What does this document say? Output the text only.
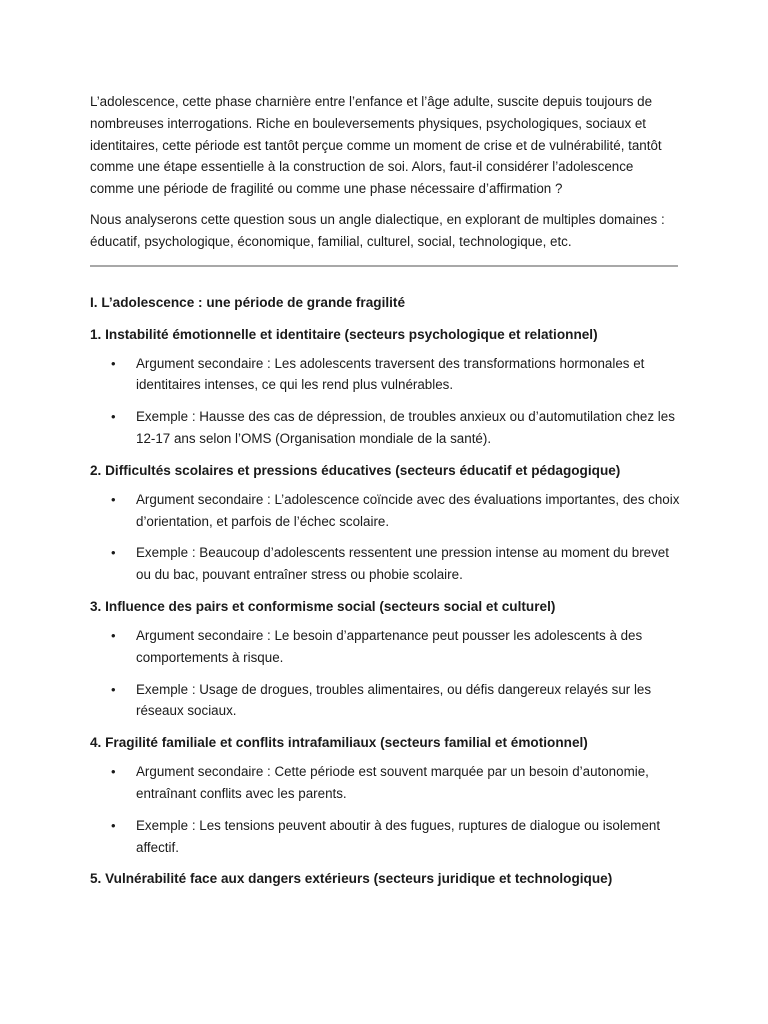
L’adolescence, cette phase charnière entre l’enfance et l’âge adulte, suscite depuis toujours de nombreuses interrogations. Riche en bouleversements physiques, psychologiques, sociaux et identitaires, cette période est tantôt perçue comme un moment de crise et de vulnérabilité, tantôt comme une étape essentielle à la construction de soi. Alors, faut-il considérer l’adolescence comme une période de fragilité ou comme une phase nécessaire d’affirmation ?

Nous analyserons cette question sous un angle dialectique, en explorant de multiples domaines : éducatif, psychologique, économique, familial, culturel, social, technologique, etc.

I. L’adolescence : une période de grande fragilité
1. Instabilité émotionnelle et identitaire (secteurs psychologique et relationnel)
• Argument secondaire : Les adolescents traversent des transformations hormonales et identitaires intenses, ce qui les rend plus vulnérables.
• Exemple : Hausse des cas de dépression, de troubles anxieux ou d’automutilation chez les 12-17 ans selon l’OMS (Organisation mondiale de la santé).
2. Difficultés scolaires et pressions éducatives (secteurs éducatif et pédagogique)
• Argument secondaire : L’adolescence coïncide avec des évaluations importantes, des choix d’orientation, et parfois de l’échec scolaire.
• Exemple : Beaucoup d’adolescents ressentent une pression intense au moment du brevet ou du bac, pouvant entraîner stress ou phobie scolaire.
3. Influence des pairs et conformisme social (secteurs social et culturel)
• Argument secondaire : Le besoin d’appartenance peut pousser les adolescents à des comportements à risque.
• Exemple : Usage de drogues, troubles alimentaires, ou défis dangereux relayés sur les réseaux sociaux.
4. Fragilité familiale et conflits intrafamiliaux (secteurs familial et émotionnel)
• Argument secondaire : Cette période est souvent marquée par un besoin d’autonomie, entraînant conflits avec les parents.
• Exemple : Les tensions peuvent aboutir à des fugues, ruptures de dialogue ou isolement affectif.
5. Vulnérabilité face aux dangers extérieurs (secteurs juridique et technologique)
